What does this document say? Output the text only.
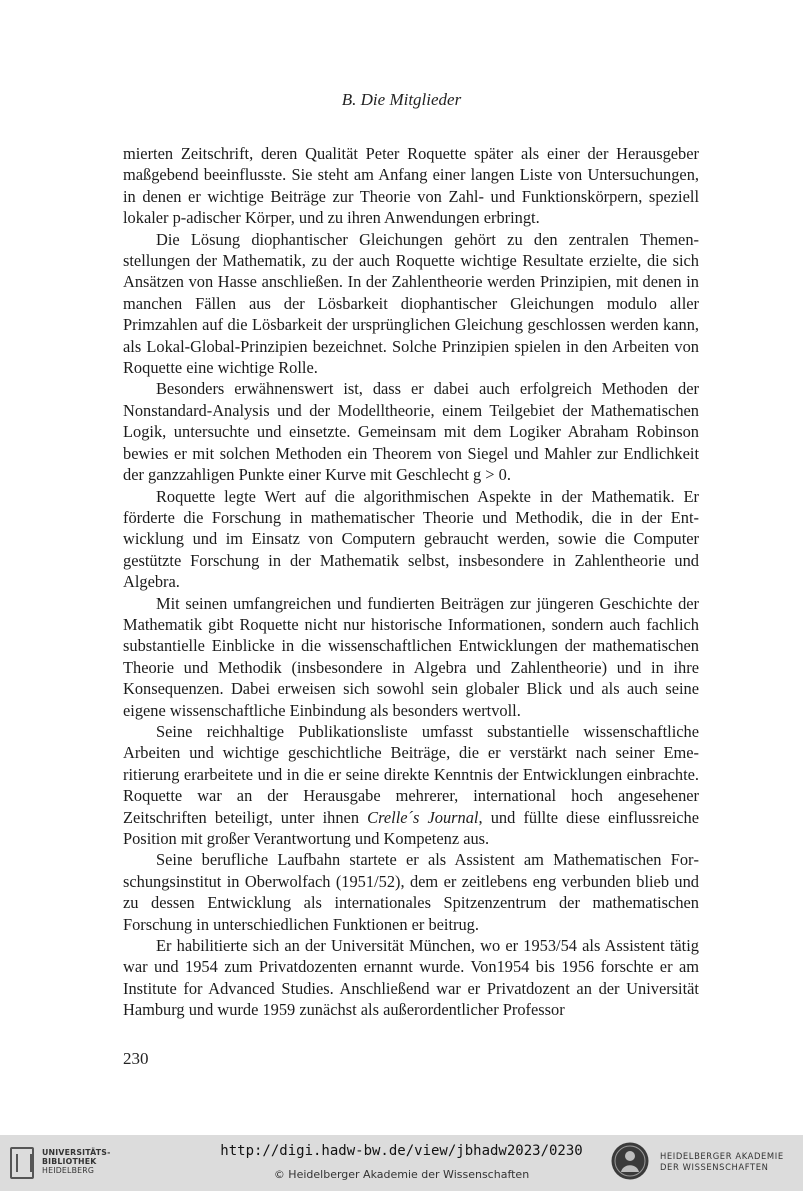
B. Die Mitglieder

mierten Zeitschrift, deren Qualität Peter Roquette später als einer der Herausgeber maßgebend beeinflusste. Sie steht am Anfang einer langen Liste von Untersuchungen, in denen er wichtige Beiträge zur Theorie von Zahl- und Funktionskörpern, speziell lokaler p-adischer Körper, und zu ihren Anwendungen erbringt.

Die Lösung diophantischer Gleichungen gehört zu den zentralen Themenstellungen der Mathematik, zu der auch Roquette wichtige Resultate erzielte, die sich Ansätzen von Hasse anschließen. In der Zahlentheorie werden Prinzipien, mit denen in manchen Fällen aus der Lösbarkeit diophantischer Gleichungen modulo aller Primzahlen auf die Lösbarkeit der ursprünglichen Gleichung geschlossen werden kann, als Lokal-Global-Prinzipien bezeichnet. Solche Prinzipien spielen in den Arbeiten von Roquette eine wichtige Rolle.

Besonders erwähnenswert ist, dass er dabei auch erfolgreich Methoden der Nonstandard-Analysis und der Modelltheorie, einem Teilgebiet der Mathematischen Logik, untersuchte und einsetzte. Gemeinsam mit dem Logiker Abraham Robinson bewies er mit solchen Methoden ein Theorem von Siegel und Mahler zur Endlichkeit der ganzzahligen Punkte einer Kurve mit Geschlecht g > 0.

Roquette legte Wert auf die algorithmischen Aspekte in der Mathematik. Er förderte die Forschung in mathematischer Theorie und Methodik, die in der Entwicklung und im Einsatz von Computern gebraucht werden, sowie die Computer gestützte Forschung in der Mathematik selbst, insbesondere in Zahlentheorie und Algebra.

Mit seinen umfangreichen und fundierten Beiträgen zur jüngeren Geschichte der Mathematik gibt Roquette nicht nur historische Informationen, sondern auch fachlich substantielle Einblicke in die wissenschaftlichen Entwicklungen der mathematischen Theorie und Methodik (insbesondere in Algebra und Zahlentheorie) und in ihre Konsequenzen. Dabei erweisen sich sowohl sein globaler Blick und als auch seine eigene wissenschaftliche Einbindung als besonders wertvoll.

Seine reichhaltige Publikationsliste umfasst substantielle wissenschaftliche Arbeiten und wichtige geschichtliche Beiträge, die er verstärkt nach seiner Emeritierung erarbeitete und in die er seine direkte Kenntnis der Entwicklungen einbrachte. Roquette war an der Herausgabe mehrerer, international hoch angesehener Zeitschriften beteiligt, unter ihnen Crelle´s Journal, und füllte diese einflussreiche Position mit großer Verantwortung und Kompetenz aus.

Seine berufliche Laufbahn startete er als Assistent am Mathematischen Forschungsinstitut in Oberwolfach (1951/52), dem er zeitlebens eng verbunden blieb und zu dessen Entwicklung als internationales Spitzenzentrum der mathematischen Forschung in unterschiedlichen Funktionen er beitrug.

Er habilitierte sich an der Universität München, wo er 1953/54 als Assistent tätig war und 1954 zum Privatdozenten ernannt wurde. Von1954 bis 1956 forschte er am Institute for Advanced Studies. Anschließend war er Privatdozent an der Universität Hamburg und wurde 1959 zunächst als außerordentlicher Professor

230
UNIVERSITÄTS-
BIBLIOTHEK
HEIDELBERG
http://digi.hadw-bw.de/view/jbhadw2023/0230
© Heidelberger Akademie der Wissenschaften
HEIDELBERGER AKADEMIE
DER WISSENSCHAFTEN
